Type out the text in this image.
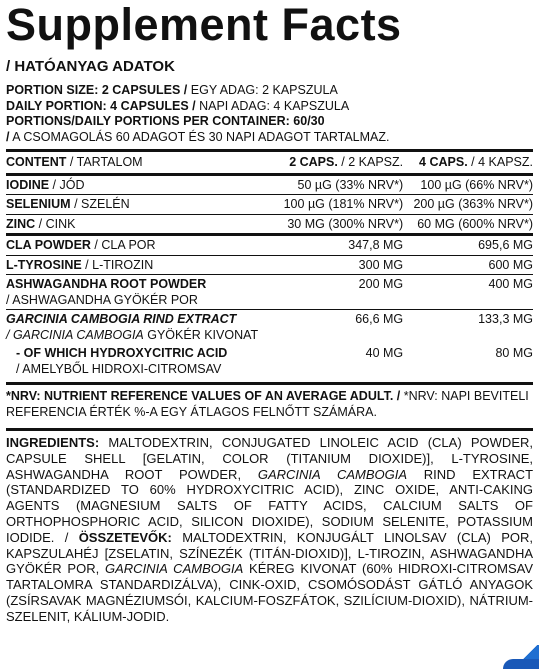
Supplement Facts
/ HATÓANYAG ADATOK
PORTION SIZE: 2 CAPSULES / EGY ADAG: 2 KAPSZULA
DAILY PORTION: 4 CAPSULES / NAPI ADAG: 4 KAPSZULA
PORTIONS/DAILY PORTIONS PER CONTAINER: 60/30
/ A CSOMAGOLÁS 60 ADAGOT ÉS 30 NAPI ADAGOT TARTALMAZ.
CONTENT / TARTALOM	2 CAPS. / 2 KAPSZ.	4 CAPS. / 4 KAPSZ.
IODINE / JÓD	50 µG (33% NRV*)	100 µG (66% NRV*)
SELENIUM / SZELÉN	100 µG (181% NRV*)	200 µG (363% NRV*)
ZINC / CINK	30 MG (300% NRV*)	60 MG (600% NRV*)
CLA POWDER / CLA POR	347,8 MG	695,6 MG
L-TYROSINE / L-TIROZIN	300 MG	600 MG
ASHWAGANDHA ROOT POWDER
/ ASHWAGANDHA GYÖKÉR POR	200 MG	400 MG
GARCINIA CAMBOGIA RIND EXTRACT
/ GARCINIA CAMBOGIA GYÖKÉR KIVONAT	66,6 MG	133,3 MG
- OF WHICH HYDROXYCITRIC ACID
/ AMELYBŐL HIDROXI-CITROMSAV	40 MG	80 MG
*NRV: NUTRIENT REFERENCE VALUES OF AN AVERAGE ADULT. / *NRV: NAPI BEVITELI REFERENCIA ÉRTÉK %-A EGY ÁTLAGOS FELNŐTT SZÁMÁRA.
INGREDIENTS: MALTODEXTRIN, CONJUGATED LINOLEIC ACID (CLA) POWDER, CAPSULE SHELL [GELATIN, COLOR (TITANIUM DIOXIDE)], L-TYROSINE, ASHWAGANDHA ROOT POWDER, GARCINIA CAMBOGIA RIND EXTRACT (STANDARDIZED TO 60% HYDROXYCITRIC ACID), ZINC OXIDE, ANTI-CAKING AGENTS (MAGNESIUM SALTS OF FATTY ACIDS, CALCIUM SALTS OF ORTHOPHOSPHORIC ACID, SILICON DIOXIDE), SODIUM SELENITE, POTASSIUM IODIDE. / ÖSSZETEVŐK: MALTODEXTRIN, KONJUGÁLT LINOLSAV (CLA) POR, KAPSZULAHÉJ [ZSELATIN, SZÍNEZÉK (TITÁN-DIOXID)], L-TIROZIN, ASHWAGANDHA GYÖKÉR POR, GARCINIA CAMBOGIA KÉREG KIVONAT (60% HIDROXI-CITROMSAV TARTALOMRA STANDARDIZÁLVA), CINK-OXID, CSOMÓSODÁST GÁTLÓ ANYAGOK (ZSÍRSAVAK MAGNÉZIUMSÓI, KALCIUM-FOSZFÁTOK, SZILÍCIUM-DIOXID), NÁTRIUM-SZELENIT, KÁLIUM-JODID.
